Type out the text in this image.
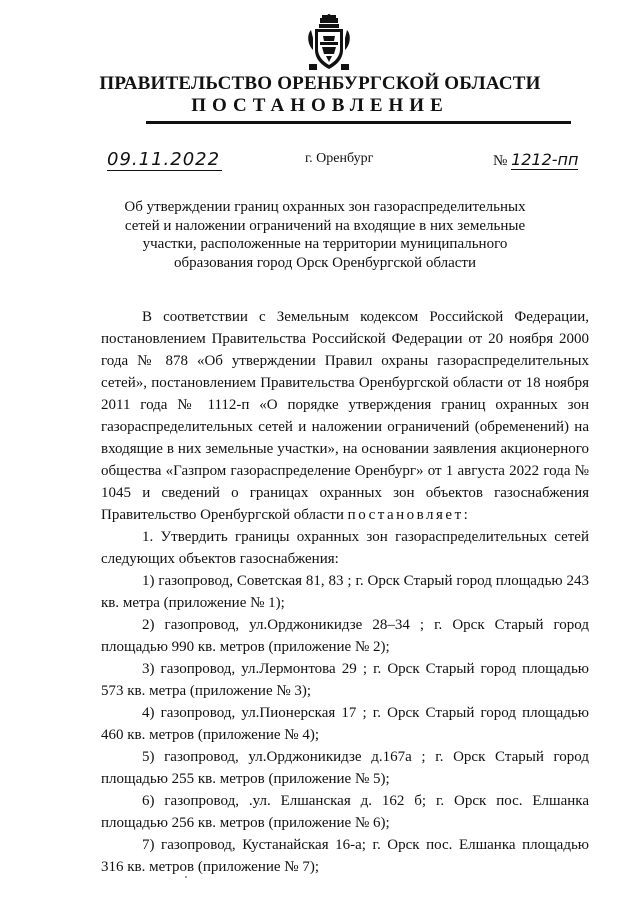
ПРАВИТЕЛЬСТВО ОРЕНБУРГСКОЙ ОБЛАСТИ
ПОСТАНОВЛЕНИЕ
09.11.2022	г. Оренбург	№ 1212-пп
Об утверждении границ охранных зон газораспределительных сетей и наложении ограничений на входящие в них земельные участки, расположенные на территории муниципального образования город Орск Оренбургской области

В соответствии с Земельным кодексом Российской Федерации, постановлением Правительства Российской Федерации от 20 ноября 2000 года № 878 «Об утверждении Правил охраны газораспределительных сетей», постановлением Правительства Оренбургской области от 18 ноября 2011 года № 1112-п «О порядке утверждения границ охранных зон газораспределительных сетей и наложении ограничений (обременений) на входящие в них земельные участки», на основании заявления акционерного общества «Газпром газораспределение Оренбург» от 1 августа 2022 года № 1045 и сведений о границах охранных зон объектов газоснабжения Правительство Оренбургской области постановляет:

1. Утвердить границы охранных зон газораспределительных сетей следующих объектов газоснабжения:

1) газопровод, Советская 81, 83 ; г. Орск Старый город площадью 243 кв. метра (приложение № 1);

2) газопровод, ул.Орджоникидзе 28–34 ; г. Орск Старый город площадью 990 кв. метров (приложение № 2);

3) газопровод, ул.Лермонтова 29 ; г. Орск Старый город площадью 573 кв. метра (приложение № 3);

4) газопровод, ул.Пионерская 17 ; г. Орск Старый город площадью 460 кв. метров (приложение № 4);

5) газопровод, ул.Орджоникидзе д.167а ; г. Орск Старый город площадью 255 кв. метров (приложение № 5);

6) газопровод, .ул. Елшанская д. 162 б; г. Орск пос. Елшанка площадью 256 кв. метров (приложение № 6);

7) газопровод, Кустанайская 16-а; г. Орск пос. Елшанка площадью 316 кв. метров (приложение № 7);
